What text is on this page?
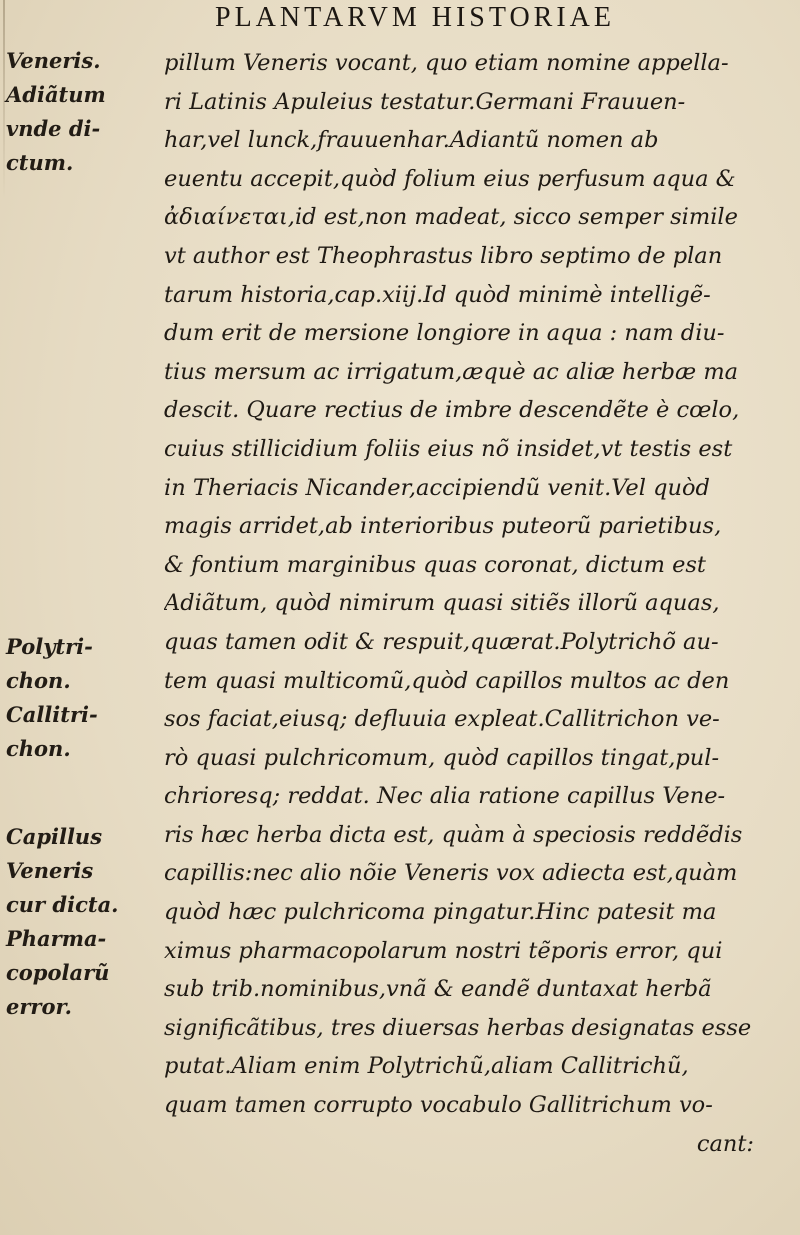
PLANTARVM HISTORIAE
Veneris.
Adiãtum
vnde di-
ctum.
Polytri-
chon.
Callitri-
chon.
Capillus
Veneris
cur dicta.
Pharma-
copolarũ
error.
pillum Veneris vocant, quo etiam nomine appella-
ri Latinis Apuleius testatur.Germani Frauuen-
har,vel lunck,frauuenhar.Adiantũ nomen ab
euentu accepit,quòd folium eius perfusum aqua &
ἀδιαίνεται,id est,non madeat, sicco semper simile
vt author est Theophrastus libro septimo de plan
tarum historia,cap.xiij.Id quòd minimè intelligẽ-
dum erit de mersione longiore in aqua : nam diu-
tius mersum ac irrigatum,æquè ac aliæ herbæ ma
descit. Quare rectius de imbre descendẽte è cœlo,
cuius stillicidium foliis eius nõ insidet,vt testis est
in Theriacis Nicander,accipiendũ venit.Vel quòd
magis arridet,ab interioribus puteorũ parietibus,
& fontium marginibus quas coronat, dictum est
Adiãtum, quòd nimirum quasi sitiẽs illorũ aquas,
quas tamen odit & respuit,quærat.Polytrichõ au-
tem quasi multicomũ,quòd capillos multos ac den
sos faciat,eiusq; defluuia expleat.Callitrichon ve-
rò quasi pulchricomum, quòd capillos tingat,pul-
chrioresq; reddat. Nec alia ratione capillus Vene-
ris hæc herba dicta est, quàm à speciosis reddẽdis
capillis:nec alio nõie Veneris vox adiecta est,quàm
quòd hæc pulchricoma pingatur.Hinc patesit ma
ximus pharmacopolarum nostri tẽporis error, qui
sub trib.nominibus,vnã & eandẽ duntaxat herbã
significãtibus, tres diuersas herbas designatas esse
putat.Aliam enim Polytrichũ,aliam Callitrichũ,
quam tamen corrupto vocabulo Gallitrichum vo-
cant:
